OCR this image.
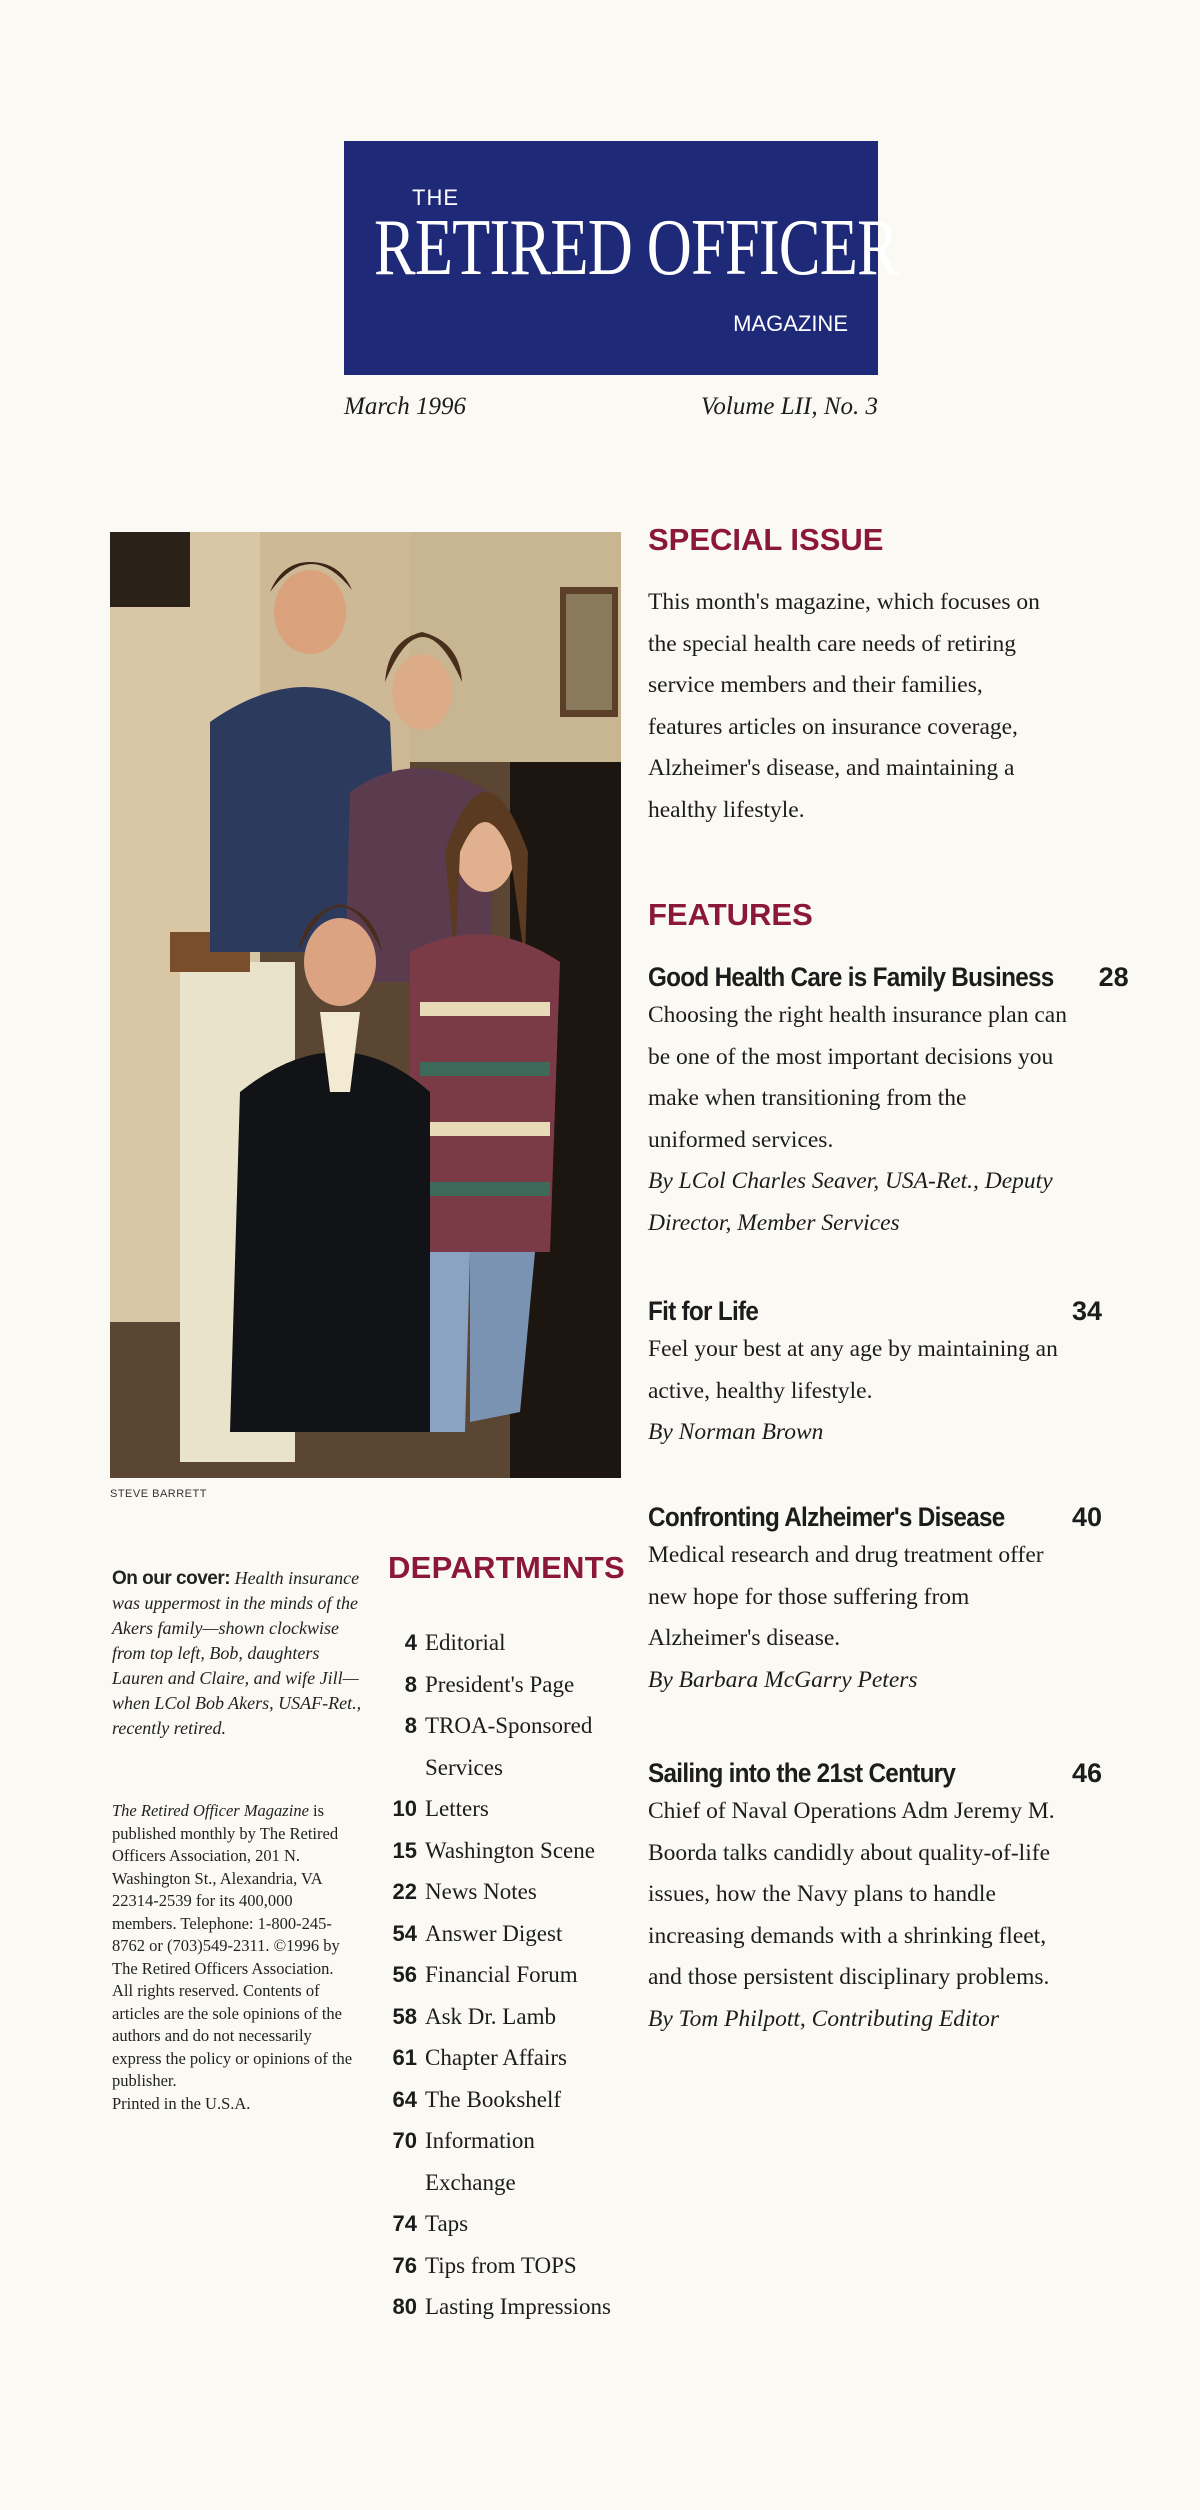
THE
RETIRED OFFICER
MAGAZINE
March 1996	Volume LII, No. 3
STEVE BARRETT
On our cover: Health insurance was uppermost in the minds of the Akers family—shown clockwise from top left, Bob, daughters Lauren and Claire, and wife Jill—when LCol Bob Akers, USAF-Ret., recently retired.
The Retired Officer Magazine is published monthly by The Retired Officers Association, 201 N. Washington St., Alexandria, VA 22314-2539 for its 400,000 members. Telephone: 1-800-245-8762 or (703)549-2311. ©1996 by The Retired Officers Association. All rights reserved. Contents of articles are the sole opinions of the authors and do not necessarily express the policy or opinions of the publisher.
Printed in the U.S.A.
DEPARTMENTS
4 Editorial
8 President's Page
8 TROA-Sponsored
Services
10 Letters
15 Washington Scene
22 News Notes
54 Answer Digest
56 Financial Forum
58 Ask Dr. Lamb
61 Chapter Affairs
64 The Bookshelf
70 Information
Exchange
74 Taps
76 Tips from TOPS
80 Lasting Impressions
SPECIAL ISSUE
This month's magazine, which focuses on the special health care needs of retiring service members and their families, features articles on insurance coverage, Alzheimer's disease, and maintaining a healthy lifestyle.
FEATURES
Good Health Care is Family Business 28
Choosing the right health insurance plan can be one of the most important decisions you make when transitioning from the uniformed services.
By LCol Charles Seaver, USA-Ret., Deputy Director, Member Services
Fit for Life	34
Feel your best at any age by maintaining an active, healthy lifestyle.
By Norman Brown
Confronting Alzheimer's Disease 40
Medical research and drug treatment offer new hope for those suffering from Alzheimer's disease.
By Barbara McGarry Peters
Sailing into the 21st Century	46
Chief of Naval Operations Adm Jeremy M. Boorda talks candidly about quality-of-life issues, how the Navy plans to handle increasing demands with a shrinking fleet, and those persistent disciplinary problems.
By Tom Philpott, Contributing Editor
